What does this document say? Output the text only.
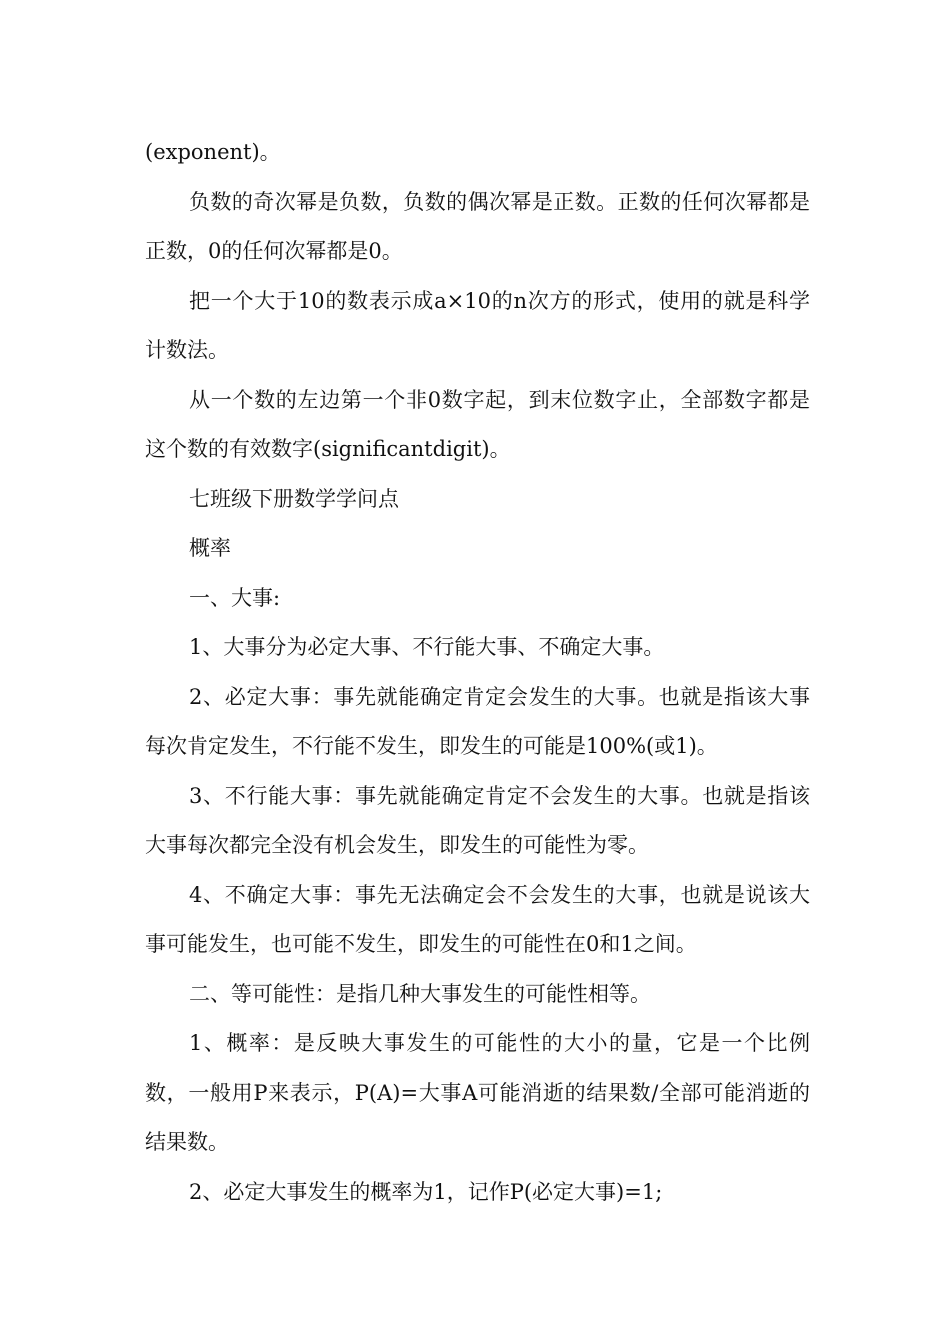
(exponent)。

负数的奇次幂是负数，负数的偶次幂是正数。正数的任何次幂都是正数，0的任何次幂都是0。

把一个大于10的数表示成a×10的n次方的形式，使用的就是科学计数法。

从一个数的左边第一个非0数字起，到末位数字止，全部数字都是这个数的有效数字(significantdigit)。

七班级下册数学学问点

概率

一、大事:

1、大事分为必定大事、不行能大事、不确定大事。

2、必定大事：事先就能确定肯定会发生的大事。也就是指该大事每次肯定发生，不行能不发生，即发生的可能是100%(或1)。

3、不行能大事：事先就能确定肯定不会发生的大事。也就是指该大事每次都完全没有机会发生，即发生的可能性为零。

4、不确定大事：事先无法确定会不会发生的大事，也就是说该大事可能发生，也可能不发生，即发生的可能性在0和1之间。

二、等可能性：是指几种大事发生的可能性相等。

1、概率：是反映大事发生的可能性的大小的量，它是一个比例数，一般用P来表示，P(A)=大事A可能消逝的结果数/全部可能消逝的结果数。

2、必定大事发生的概率为1，记作P(必定大事)=1;
